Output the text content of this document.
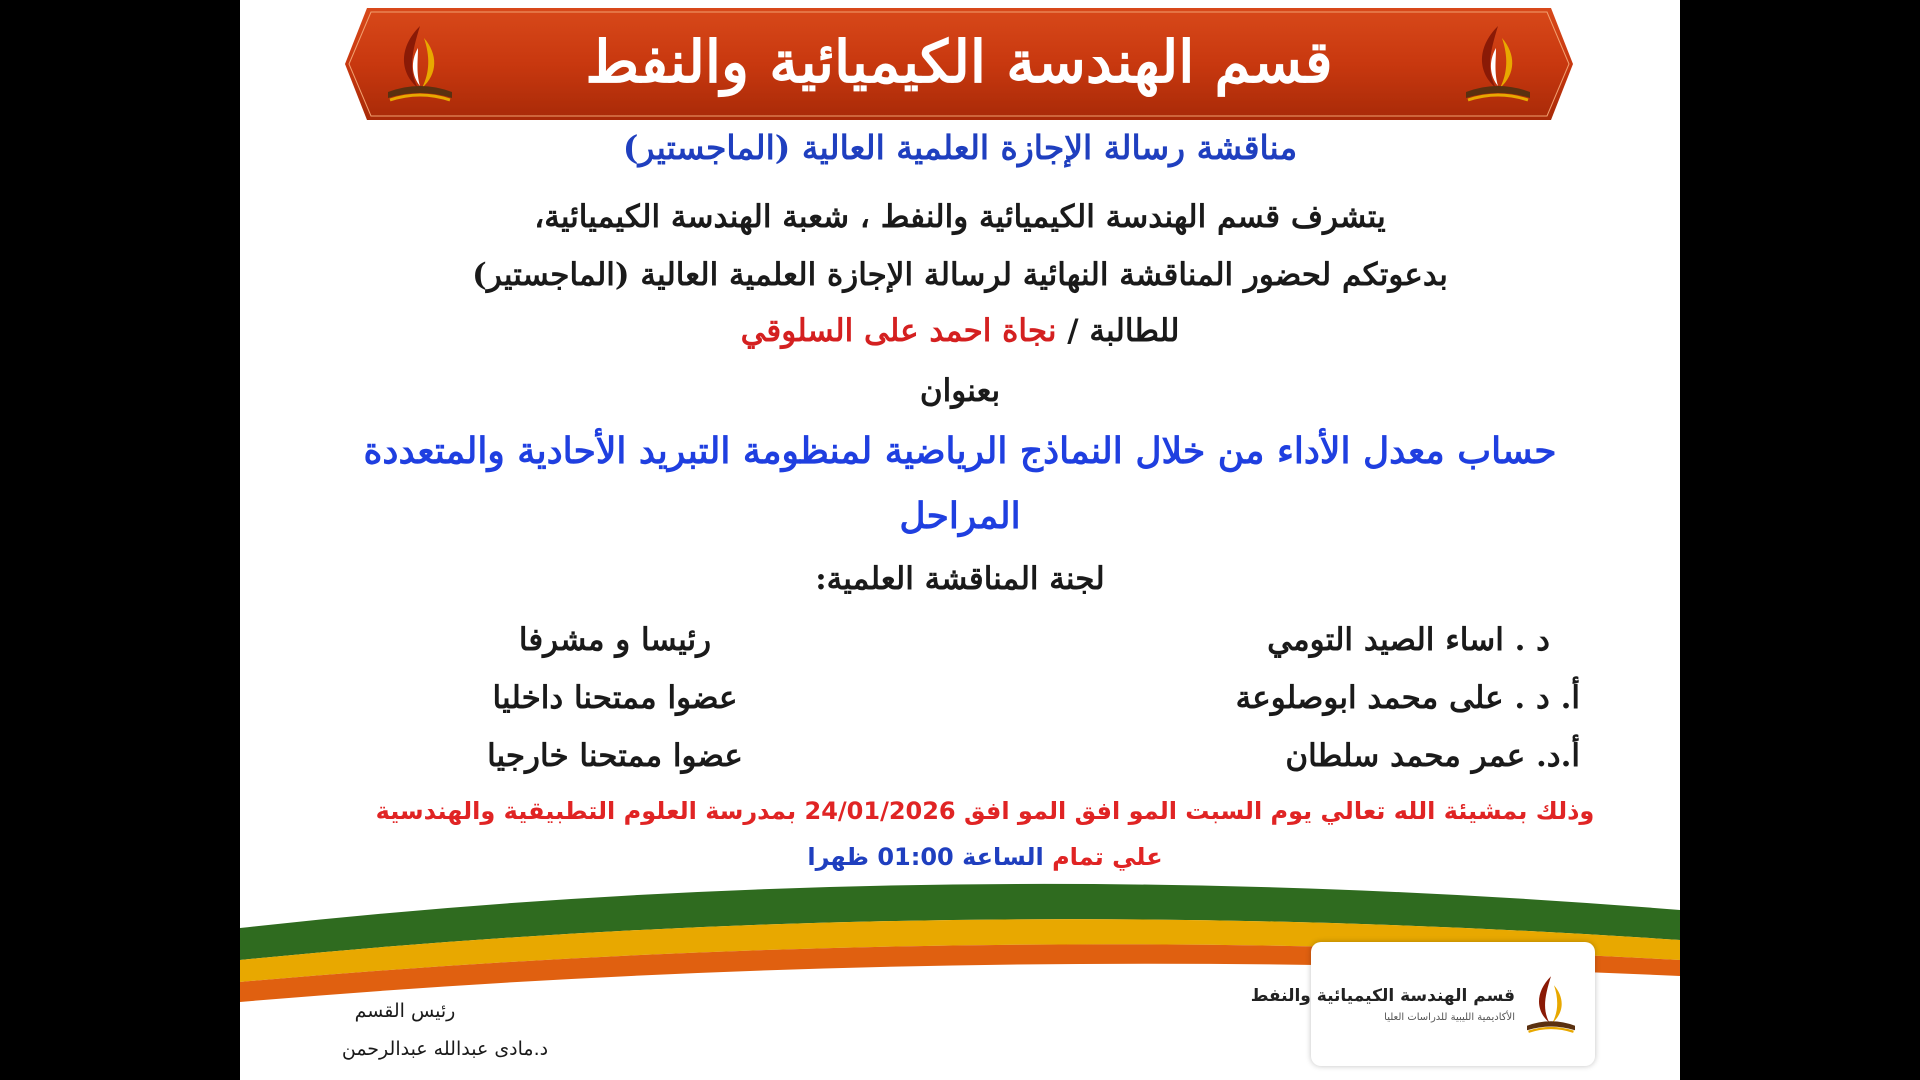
قسم الهندسة الكيميائية والنفط
مناقشة رسالة الإجازة العلمية العالية (الماجستير)
يتشرف قسم الهندسة الكيميائية والنفط ، شعبة الهندسة الكيميائية،
بدعوتكم لحضور المناقشة النهائية لرسالة الإجازة العلمية العالية (الماجستير)
للطالبة / نجاة احمد على السلوقي
بعنوان
حساب معدل الأداء من خلال النماذج الرياضية لمنظومة التبريد الأحادية والمتعددة
المراحل
لجنة المناقشة العلمية:
د . اساء الصيد التومي
رئيسا و مشرفا
أ. د . على محمد ابوصلوعة
عضوا ممتحنا داخليا
أ.د. عمر محمد سلطان
عضوا ممتحنا خارجيا
وذلك بمشيئة الله تعالي يوم السبت المو افق المو افق 24/01/2026 بمدرسة العلوم التطبيقية والهندسية
علي تمام الساعة 01:00 ظهرا
قسم الهندسة الكيميائية والنفط
الأكاديمية الليبية للدراسات العليا
رئيس القسم
د.مادى عبدالله عبدالرحمن
